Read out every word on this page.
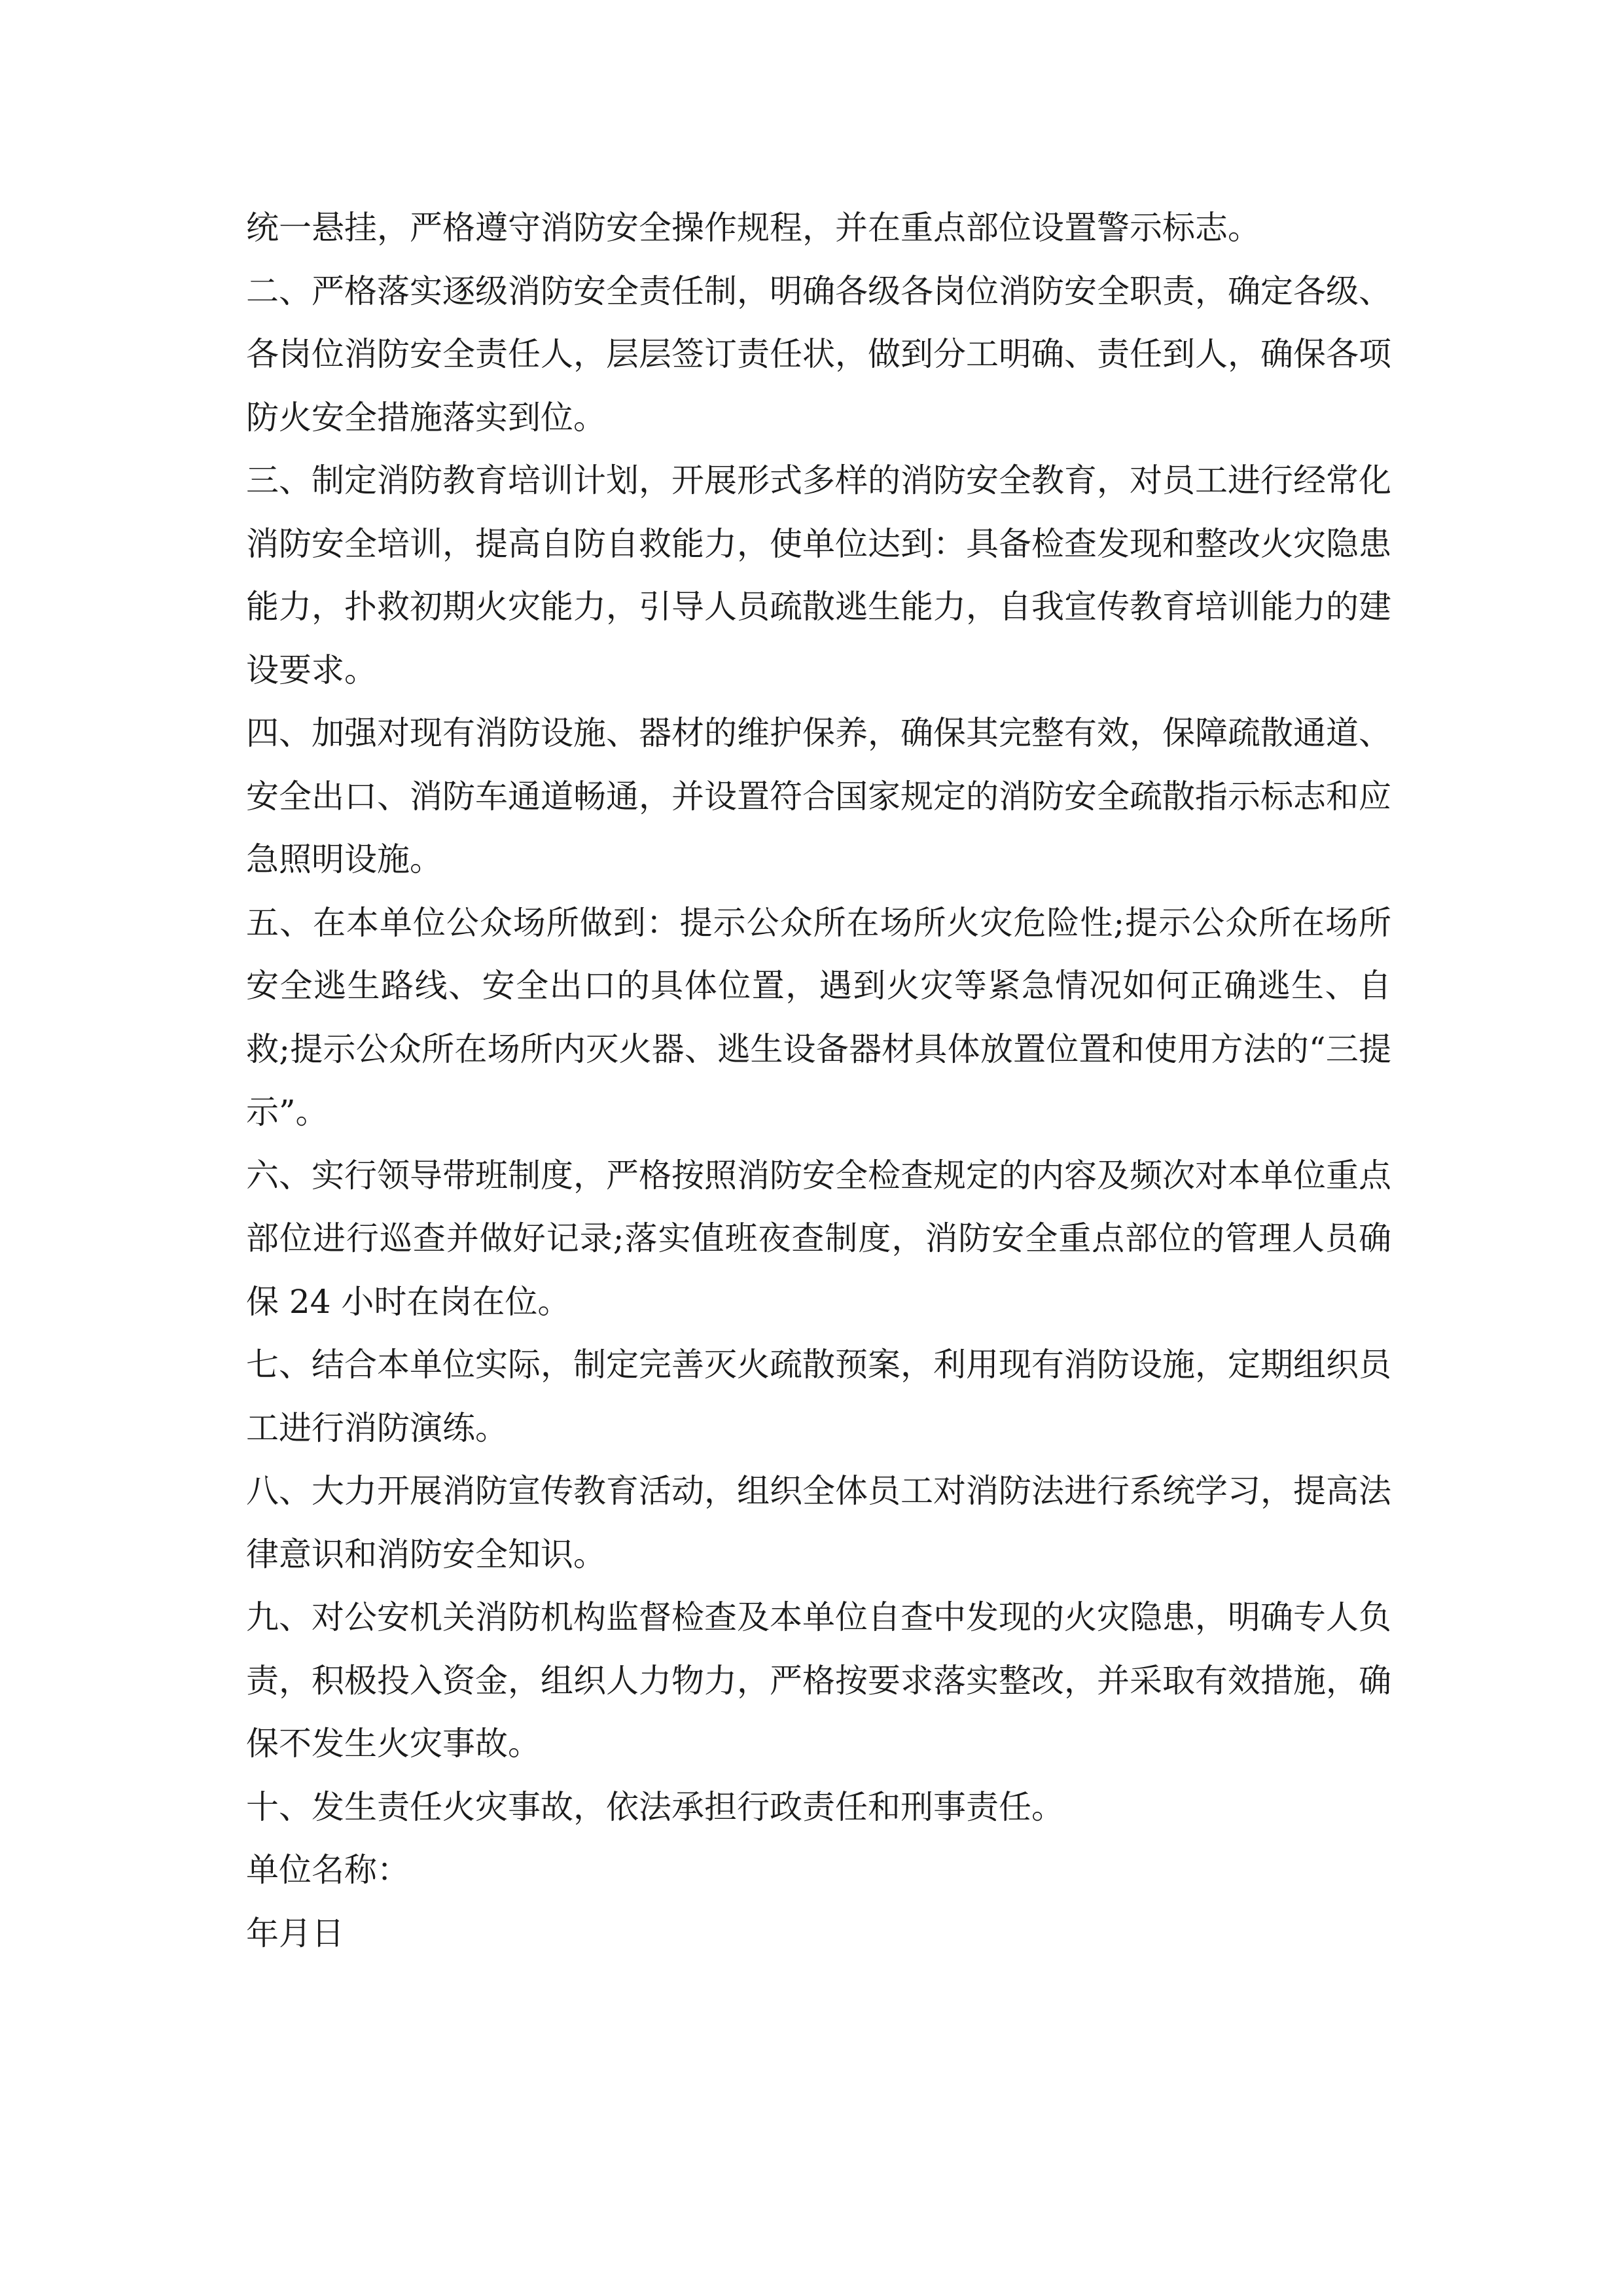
统一悬挂，严格遵守消防安全操作规程，并在重点部位设置警示标志。

二、严格落实逐级消防安全责任制，明确各级各岗位消防安全职责，确定各级、各岗位消防安全责任人，层层签订责任状，做到分工明确、责任到人，确保各项防火安全措施落实到位。

三、制定消防教育培训计划，开展形式多样的消防安全教育，对员工进行经常化消防安全培训，提高自防自救能力，使单位达到：具备检查发现和整改火灾隐患能力，扑救初期火灾能力，引导人员疏散逃生能力，自我宣传教育培训能力的建设要求。

四、加强对现有消防设施、器材的维护保养，确保其完整有效，保障疏散通道、安全出口、消防车通道畅通，并设置符合国家规定的消防安全疏散指示标志和应急照明设施。

五、在本单位公众场所做到：提示公众所在场所火灾危险性;提示公众所在场所安全逃生路线、安全出口的具体位置，遇到火灾等紧急情况如何正确逃生、自救;提示公众所在场所内灭火器、逃生设备器材具体放置位置和使用方法的“三提示”。

六、实行领导带班制度，严格按照消防安全检查规定的内容及频次对本单位重点部位进行巡查并做好记录;落实值班夜查制度，消防安全重点部位的管理人员确保 24 小时在岗在位。

七、结合本单位实际，制定完善灭火疏散预案，利用现有消防设施，定期组织员工进行消防演练。

八、大力开展消防宣传教育活动，组织全体员工对消防法进行系统学习，提高法律意识和消防安全知识。

九、对公安机关消防机构监督检查及本单位自查中发现的火灾隐患，明确专人负责，积极投入资金，组织人力物力，严格按要求落实整改，并采取有效措施，确保不发生火灾事故。

十、发生责任火灾事故，依法承担行政责任和刑事责任。

单位名称：

年月日
